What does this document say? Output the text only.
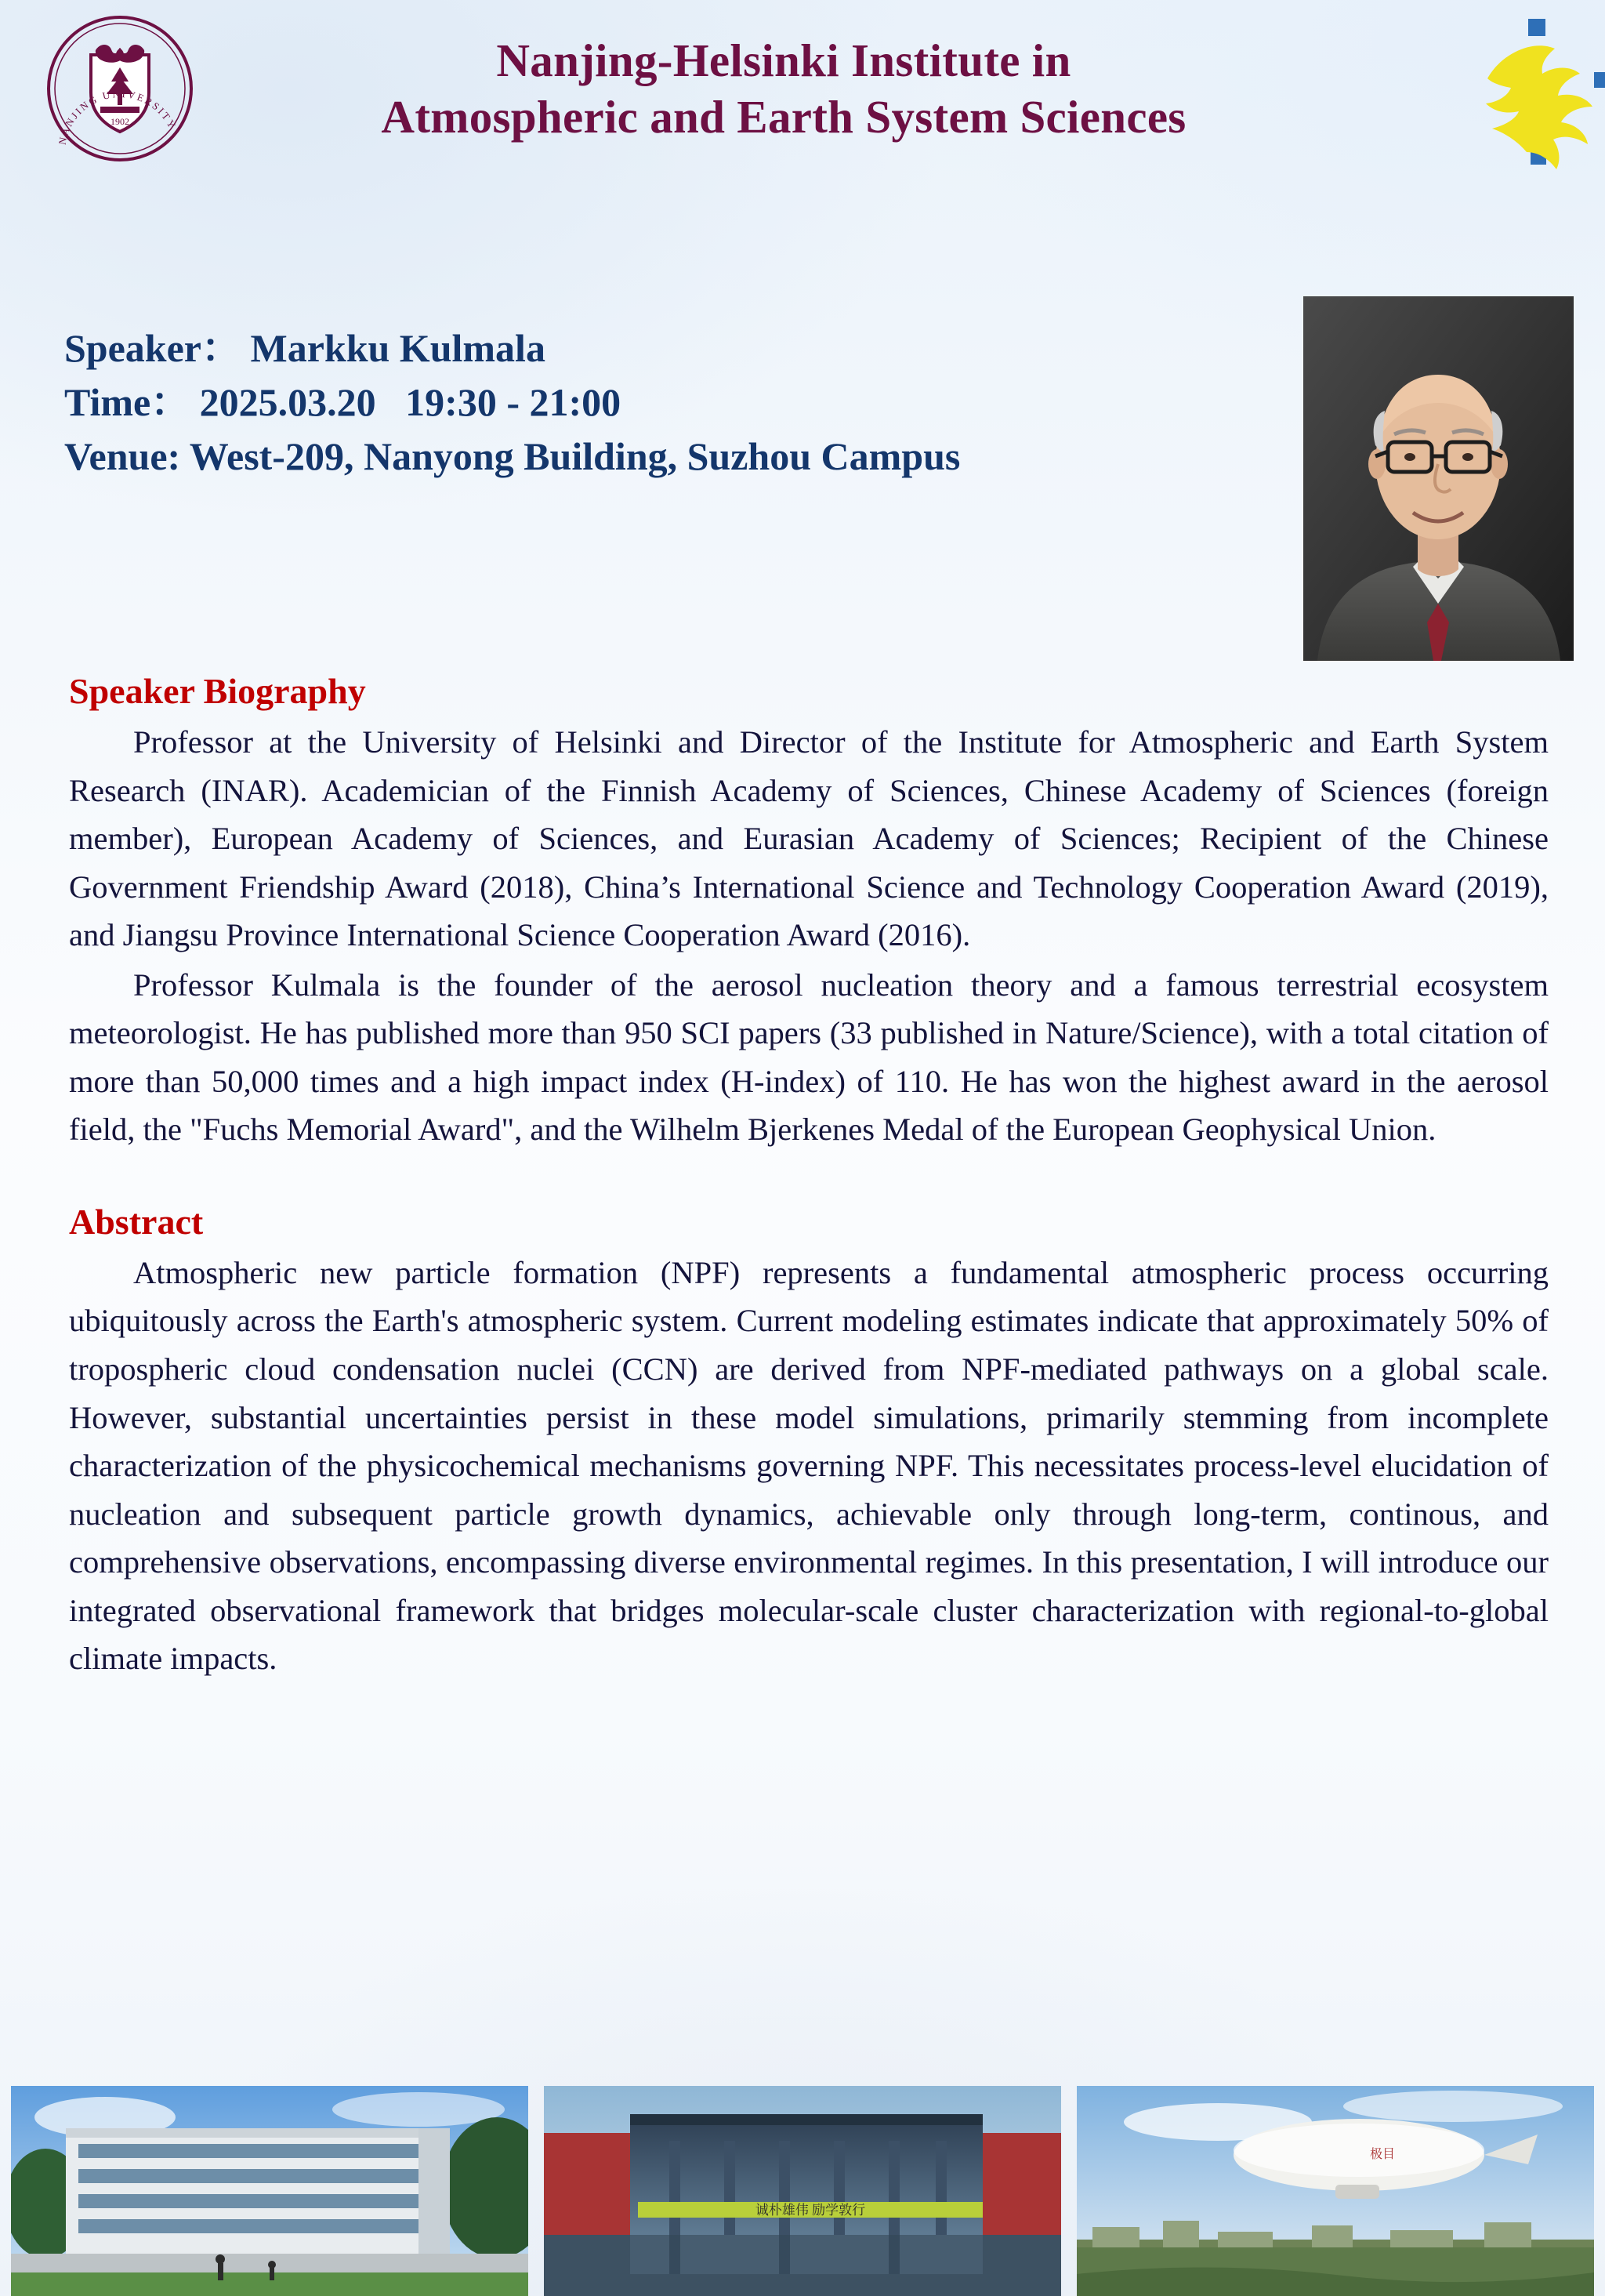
1902
NANJING UNIVERSITY
Nanjing-Helsinki Institute in
Atmospheric and Earth System Sciences
Speaker： Markku Kulmala
Time： 2025.03.20   19:30 - 21:00
Venue: West-209, Nanyong Building, Suzhou Campus
Speaker Biography

Professor at the University of Helsinki and Director of the Institute for Atmospheric and Earth System Research (INAR). Academician of the Finnish Academy of Sciences, Chinese Academy of Sciences (foreign member), European Academy of Sciences, and Eurasian Academy of Sciences; Recipient of the Chinese Government Friendship Award (2018), China’s International Science and Technology Cooperation Award (2019), and Jiangsu Province International Science Cooperation Award (2016).

Professor Kulmala is the founder of the aerosol nucleation theory and a famous terrestrial ecosystem meteorologist. He has published more than 950 SCI papers (33 published in Nature/Science), with a total citation of more than 50,000 times and a high impact index (H-index) of 110. He has won the highest award in the aerosol field, the "Fuchs Memorial Award", and the Wilhelm Bjerkenes Medal of the European Geophysical Union.

Abstract

Atmospheric new particle formation (NPF) represents a fundamental atmospheric process occurring ubiquitously across the Earth's atmospheric system. Current modeling estimates indicate that approximately 50% of tropospheric cloud condensation nuclei (CCN) are derived from NPF-mediated pathways on a global scale. However, substantial uncertainties persist in these model simulations, primarily stemming from incomplete characterization of the physicochemical mechanisms governing NPF. This necessitates process-level elucidation of nucleation and subsequent particle growth dynamics, achievable only through long-term, continous, and comprehensive observations, encompassing diverse environmental regimes. In this presentation, I will introduce our integrated observational framework that bridges molecular-scale cluster characterization with regional-to-global climate impacts.

诚朴雄伟 励学敦行
极目
